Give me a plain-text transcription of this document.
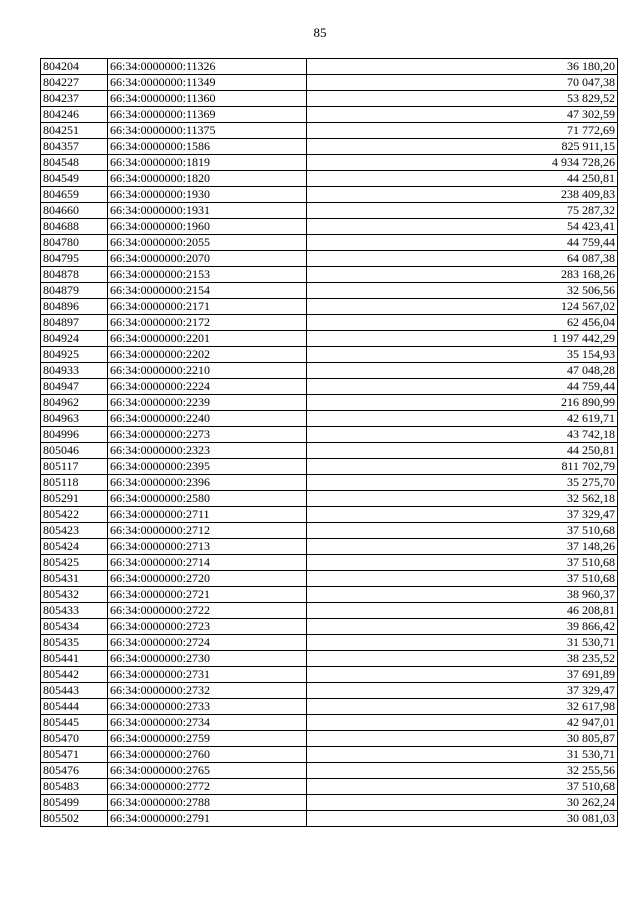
85
804204	66:34:0000000:11326	36 180,20
804227	66:34:0000000:11349	70 047,38
804237	66:34:0000000:11360	53 829,52
804246	66:34:0000000:11369	47 302,59
804251	66:34:0000000:11375	71 772,69
804357	66:34:0000000:1586	825 911,15
804548	66:34:0000000:1819	4 934 728,26
804549	66:34:0000000:1820	44 250,81
804659	66:34:0000000:1930	238 409,83
804660	66:34:0000000:1931	75 287,32
804688	66:34:0000000:1960	54 423,41
804780	66:34:0000000:2055	44 759,44
804795	66:34:0000000:2070	64 087,38
804878	66:34:0000000:2153	283 168,26
804879	66:34:0000000:2154	32 506,56
804896	66:34:0000000:2171	124 567,02
804897	66:34:0000000:2172	62 456,04
804924	66:34:0000000:2201	1 197 442,29
804925	66:34:0000000:2202	35 154,93
804933	66:34:0000000:2210	47 048,28
804947	66:34:0000000:2224	44 759,44
804962	66:34:0000000:2239	216 890,99
804963	66:34:0000000:2240	42 619,71
804996	66:34:0000000:2273	43 742,18
805046	66:34:0000000:2323	44 250,81
805117	66:34:0000000:2395	811 702,79
805118	66:34:0000000:2396	35 275,70
805291	66:34:0000000:2580	32 562,18
805422	66:34:0000000:2711	37 329,47
805423	66:34:0000000:2712	37 510,68
805424	66:34:0000000:2713	37 148,26
805425	66:34:0000000:2714	37 510,68
805431	66:34:0000000:2720	37 510,68
805432	66:34:0000000:2721	38 960,37
805433	66:34:0000000:2722	46 208,81
805434	66:34:0000000:2723	39 866,42
805435	66:34:0000000:2724	31 530,71
805441	66:34:0000000:2730	38 235,52
805442	66:34:0000000:2731	37 691,89
805443	66:34:0000000:2732	37 329,47
805444	66:34:0000000:2733	32 617,98
805445	66:34:0000000:2734	42 947,01
805470	66:34:0000000:2759	30 805,87
805471	66:34:0000000:2760	31 530,71
805476	66:34:0000000:2765	32 255,56
805483	66:34:0000000:2772	37 510,68
805499	66:34:0000000:2788	30 262,24
805502	66:34:0000000:2791	30 081,03
